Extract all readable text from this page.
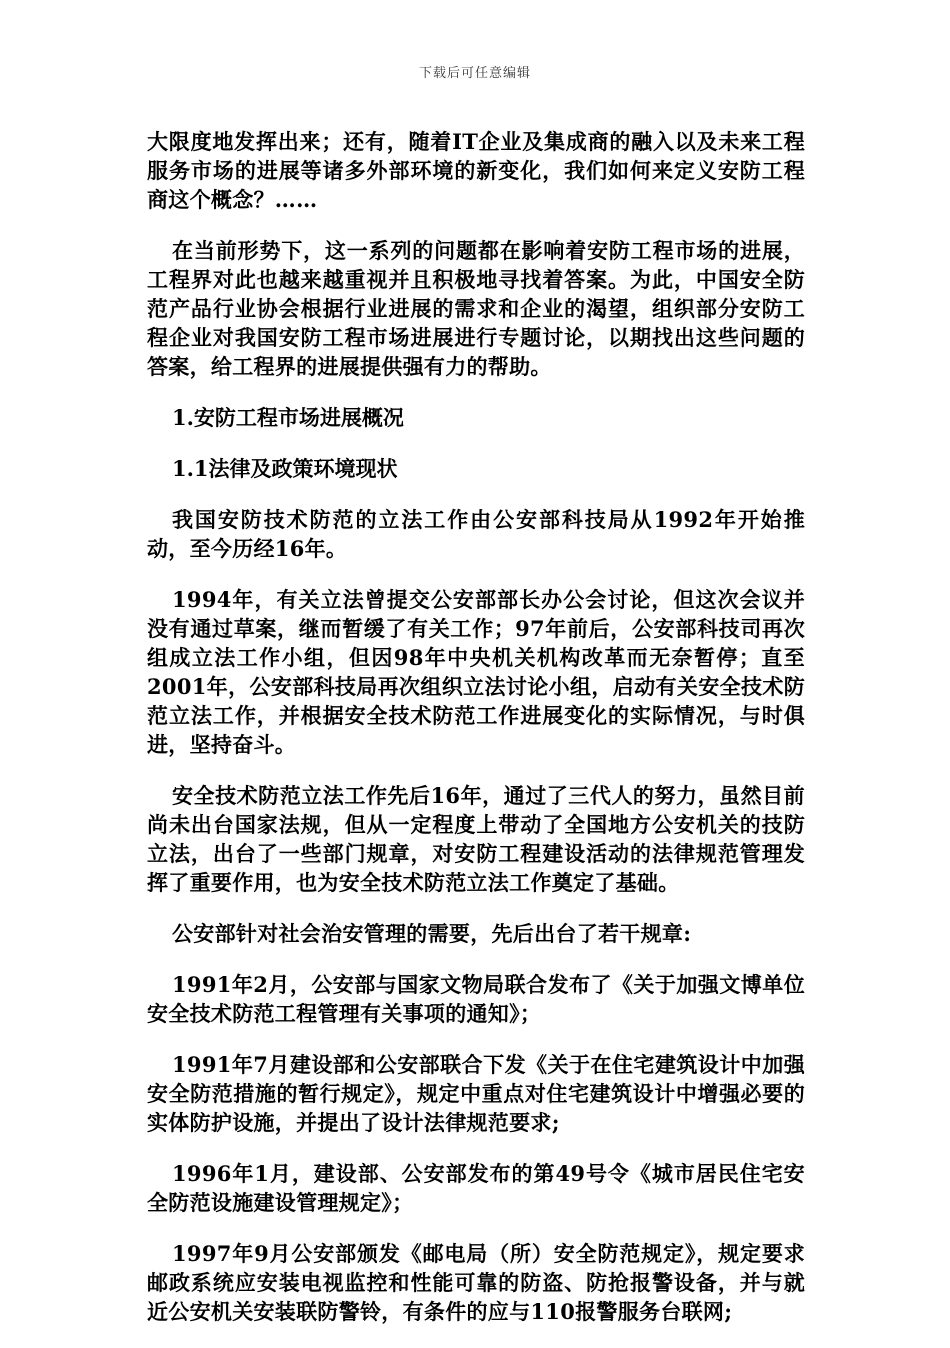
下载后可任意编辑

大限度地发挥出来；还有，随着IT企业及集成商的融入以及未来工程服务市场的进展等诸多外部环境的新变化，我们如何来定义安防工程商这个概念？……

在当前形势下，这一系列的问题都在影响着安防工程市场的进展，工程界对此也越来越重视并且积极地寻找着答案。为此，中国安全防范产品行业协会根据行业进展的需求和企业的渴望，组织部分安防工程企业对我国安防工程市场进展进行专题讨论，以期找出这些问题的答案，给工程界的进展提供强有力的帮助。

1.安防工程市场进展概况

1.1法律及政策环境现状

我国安防技术防范的立法工作由公安部科技局从1992年开始推动，至今历经16年。

1994年，有关立法曾提交公安部部长办公会讨论，但这次会议并没有通过草案，继而暂缓了有关工作；97年前后，公安部科技司再次组成立法工作小组，但因98年中央机关机构改革而无奈暂停；直至2001年，公安部科技局再次组织立法讨论小组，启动有关安全技术防范立法工作，并根据安全技术防范工作进展变化的实际情况，与时俱进，坚持奋斗。

安全技术防范立法工作先后16年，通过了三代人的努力，虽然目前尚未出台国家法规，但从一定程度上带动了全国地方公安机关的技防立法，出台了一些部门规章，对安防工程建设活动的法律规范管理发挥了重要作用，也为安全技术防范立法工作奠定了基础。

公安部针对社会治安管理的需要，先后出台了若干规章:

1991年2月，公安部与国家文物局联合发布了《关于加强文博单位安全技术防范工程管理有关事项的通知》；

1991年7月建设部和公安部联合下发《关于在住宅建筑设计中加强安全防范措施的暂行规定》，规定中重点对住宅建筑设计中增强必要的实体防护设施，并提出了设计法律规范要求;

1996年1月，建设部、公安部发布的第49号令《城市居民住宅安全防范设施建设管理规定》；

1997年9月公安部颁发《邮电局（所）安全防范规定》，规定要求邮政系统应安装电视监控和性能可靠的防盗、防抢报警设备，并与就近公安机关安装联防警铃，有条件的应与110报警服务台联网;
